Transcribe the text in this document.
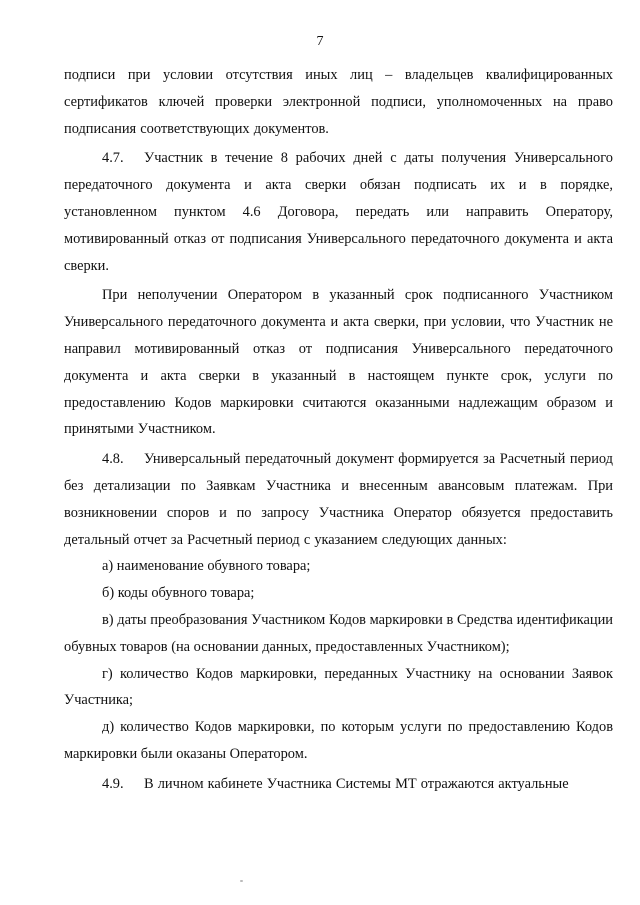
7

подписи при условии отсутствия иных лиц – владельцев квалифицированных сертификатов ключей проверки электронной подписи, уполномоченных на право подписания соответствующих документов.

4.7. Участник в течение 8 рабочих дней с даты получения Универсального передаточного документа и акта сверки обязан подписать их и в порядке, установленном пунктом 4.6 Договора, передать или направить Оператору, мотивированный отказ от подписания Универсального передаточного документа и акта сверки.

При неполучении Оператором в указанный срок подписанного Участником Универсального передаточного документа и акта сверки, при условии, что Участник не направил мотивированный отказ от подписания Универсального передаточного документа и акта сверки в указанный в настоящем пункте срок, услуги по предоставлению Кодов маркировки считаются оказанными надлежащим образом и принятыми Участником.

4.8. Универсальный передаточный документ формируется за Расчетный период без детализации по Заявкам Участника и внесенным авансовым платежам. При возникновении споров и по запросу Участника Оператор обязуется предоставить детальный отчет за Расчетный период с указанием следующих данных:

а) наименование обувного товара;

б) коды обувного товара;

в) даты преобразования Участником Кодов маркировки в Средства идентификации обувных товаров (на основании данных, предоставленных Участником);

г) количество Кодов маркировки, переданных Участнику на основании Заявок Участника;

д) количество Кодов маркировки, по которым услуги по предоставлению Кодов маркировки были оказаны Оператором.

4.9. В личном кабинете Участника Системы МТ отражаются актуальные
